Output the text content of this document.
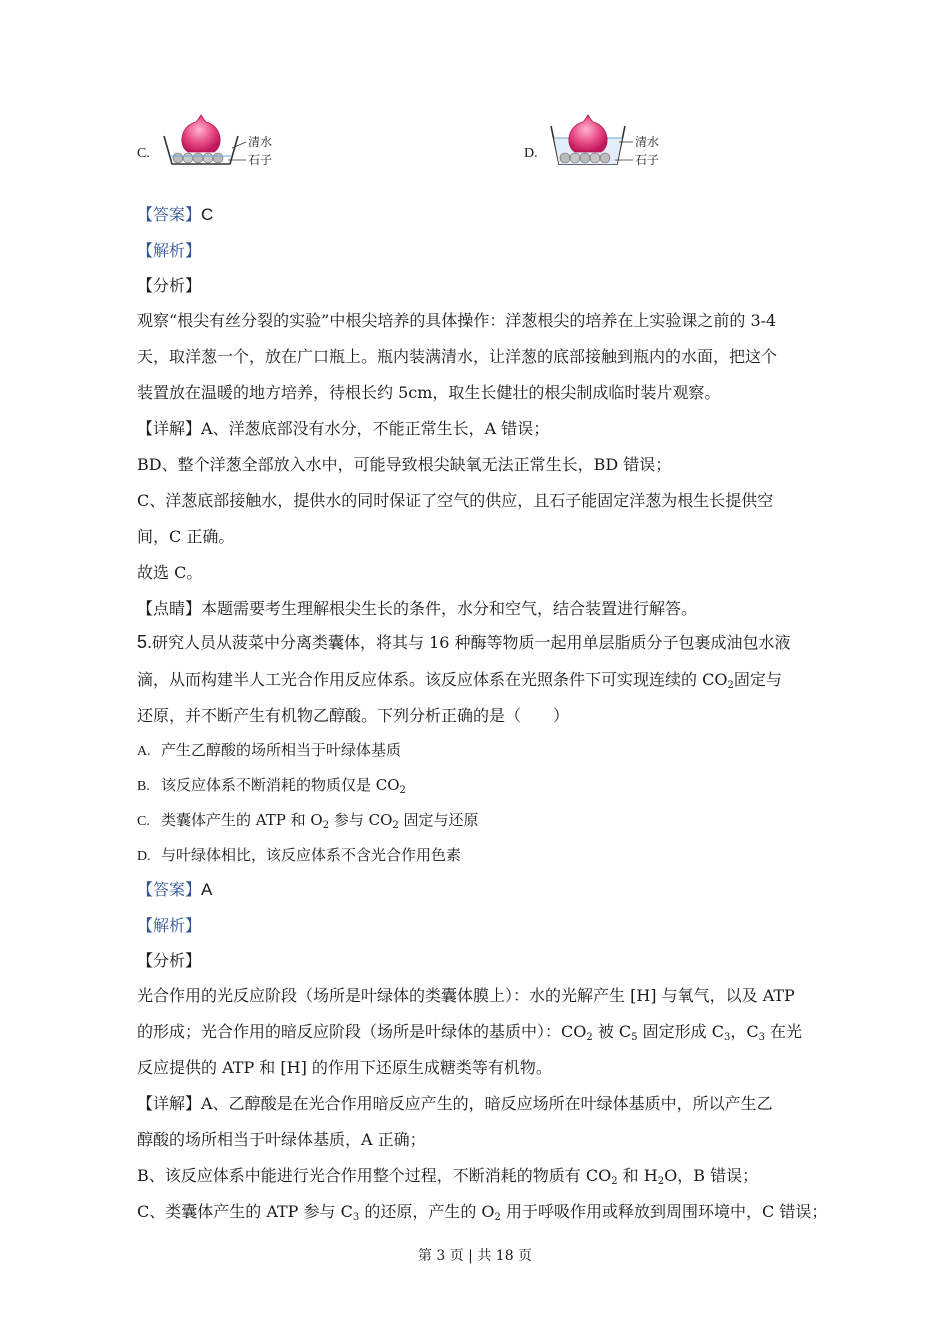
C.
清水
石子	D.
清水
石子
【答案】C
【解析】
【分析】
观察“根尖有丝分裂的实验”中根尖培养的具体操作：洋葱根尖的培养在上实验课之前的 3-4
天，取洋葱一个，放在广口瓶上。瓶内装满清水，让洋葱的底部接触到瓶内的水面，把这个
装置放在温暖的地方培养，待根长约 5cm，取生长健壮的根尖制成临时装片观察。
【详解】A、洋葱底部没有水分，不能正常生长，A 错误；
BD、整个洋葱全部放入水中，可能导致根尖缺氧无法正常生长，BD 错误；
C、洋葱底部接触水，提供水的同时保证了空气的供应，且石子能固定洋葱为根生长提供空
间，C 正确。
故选 C。
【点睛】本题需要考生理解根尖生长的条件，水分和空气，结合装置进行解答。
5.研究人员从菠菜中分离类囊体，将其与 16 种酶等物质一起用单层脂质分子包裹成油包水液
滴，从而构建半人工光合作用反应体系。该反应体系在光照条件下可实现连续的 $CO_2$固定与
还原，并不断产生有机物乙醇酸。下列分析正确的是（　　）
A. 产生乙醇酸的场所相当于叶绿体基质
B. 该反应体系不断消耗的物质仅是 $CO_2$
C. 类囊体产生的 ATP 和 $O_2$ 参与 $CO_2$ 固定与还原
D. 与叶绿体相比，该反应体系不含光合作用色素
【答案】A
【解析】
【分析】
光合作用的光反应阶段（场所是叶绿体的类囊体膜上）：水的光解产生 [H] 与氧气，以及 ATP
的形成；光合作用的暗反应阶段（场所是叶绿体的基质中）：$CO_2$ 被 $C_5$ 固定形成 $C_3$，$C_3$ 在光
反应提供的 ATP 和 [H] 的作用下还原生成糖类等有机物。
【详解】A、乙醇酸是在光合作用暗反应产生的，暗反应场所在叶绿体基质中，所以产生乙
醇酸的场所相当于叶绿体基质，A 正确；
B、该反应体系中能进行光合作用整个过程，不断消耗的物质有 $CO_2$ 和 $H_2O$，B 错误；
C、类囊体产生的 ATP 参与 $C_3$ 的还原，产生的 $O_2$ 用于呼吸作用或释放到周围环境中，C 错误；
第 3 页 | 共 18 页
